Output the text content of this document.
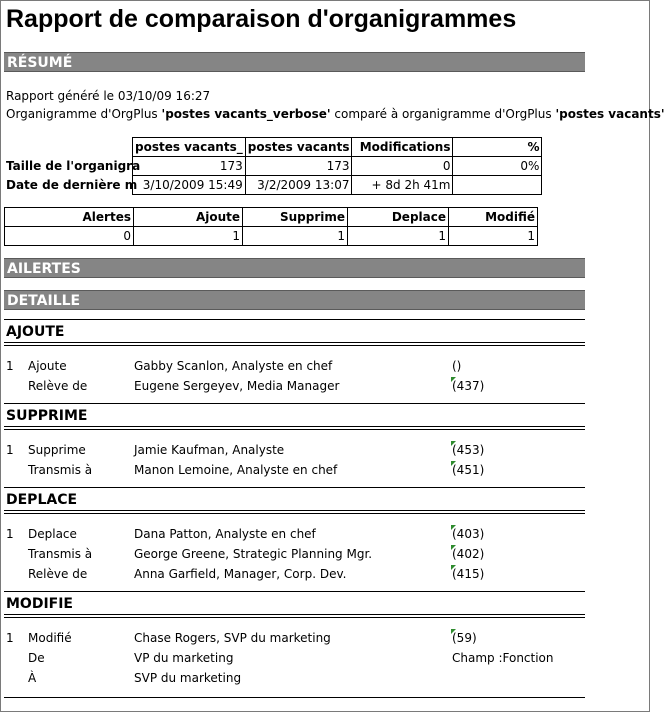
Rapport de comparaison d'organigrammes
RÉSUMÉ
Rapport généré le 03/10/09 16:27
Organigramme d'OrgPlus 'postes vacants_verbose' comparé à organigramme d'OrgPlus 'postes vacants'
	postes vacants_	postes vacants	Modifications	%
Taille de l'organigra	173	173	0	0%
Date de dernière m	3/10/2009 15:49	3/2/2009 13:07	+ 8d 2h 41m	
Alertes	Ajoute	Supprime	Deplace	Modifié
0	1	1	1	1
AILERTES
DETAILLE
AJOUTE
1 Ajoute	Gabby Scanlon, Analyste en chef	()
Relève de	Eugene Sergeyev, Media Manager	(437)
SUPPRIME
1 Supprime	Jamie Kaufman, Analyste	(453)
Transmis à	Manon Lemoine, Analyste en chef	(451)
DEPLACE
1 Deplace	Dana Patton, Analyste en chef	(403)
Transmis à	George Greene, Strategic Planning Mgr.	(402)
Relève de	Anna Garfield, Manager, Corp. Dev.	(415)
MODIFIE
1 Modifié	Chase Rogers, SVP du marketing	(59)
De	VP du marketing	Champ :Fonction
À	SVP du marketing
